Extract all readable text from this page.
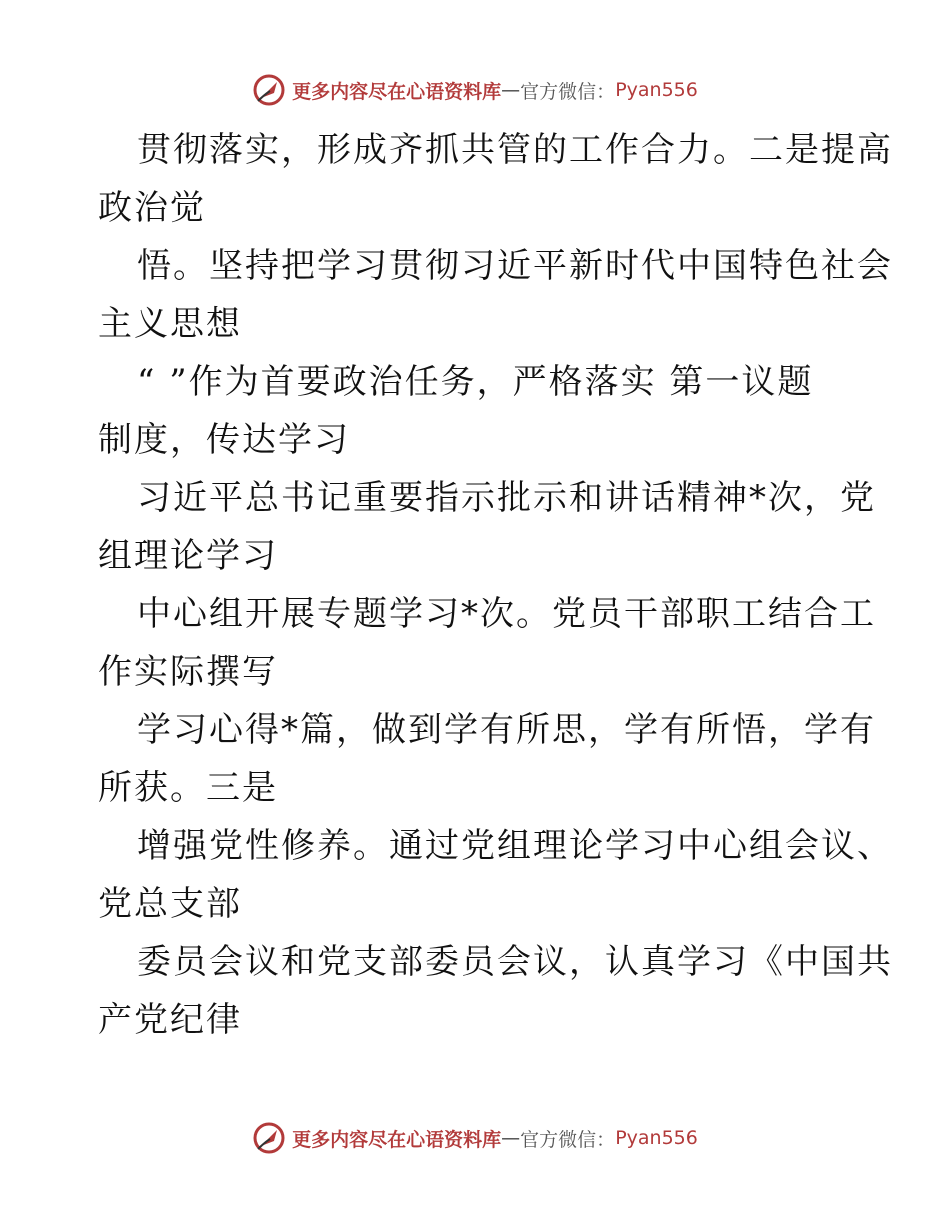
更多内容尽在心语资料库 — 官方微信： Pyan556
贯彻落实，形成齐抓共管的工作合力。二是提高
政治觉
悟。坚持把学习贯彻习近平新时代中国特色社会
主义思想
“ ”作为首要政治任务，严格落实 第一议题
制度，传达学习
习近平总书记重要指示批示和讲话精神*次，党
组理论学习
中心组开展专题学习*次。党员干部职工结合工
作实际撰写
学习心得*篇，做到学有所思，学有所悟，学有
所获。三是
增强党性修养。通过党组理论学习中心组会议、
党总支部
委员会议和党支部委员会议，认真学习《中国共
产党纪律
更多内容尽在心语资料库 — 官方微信： Pyan556
